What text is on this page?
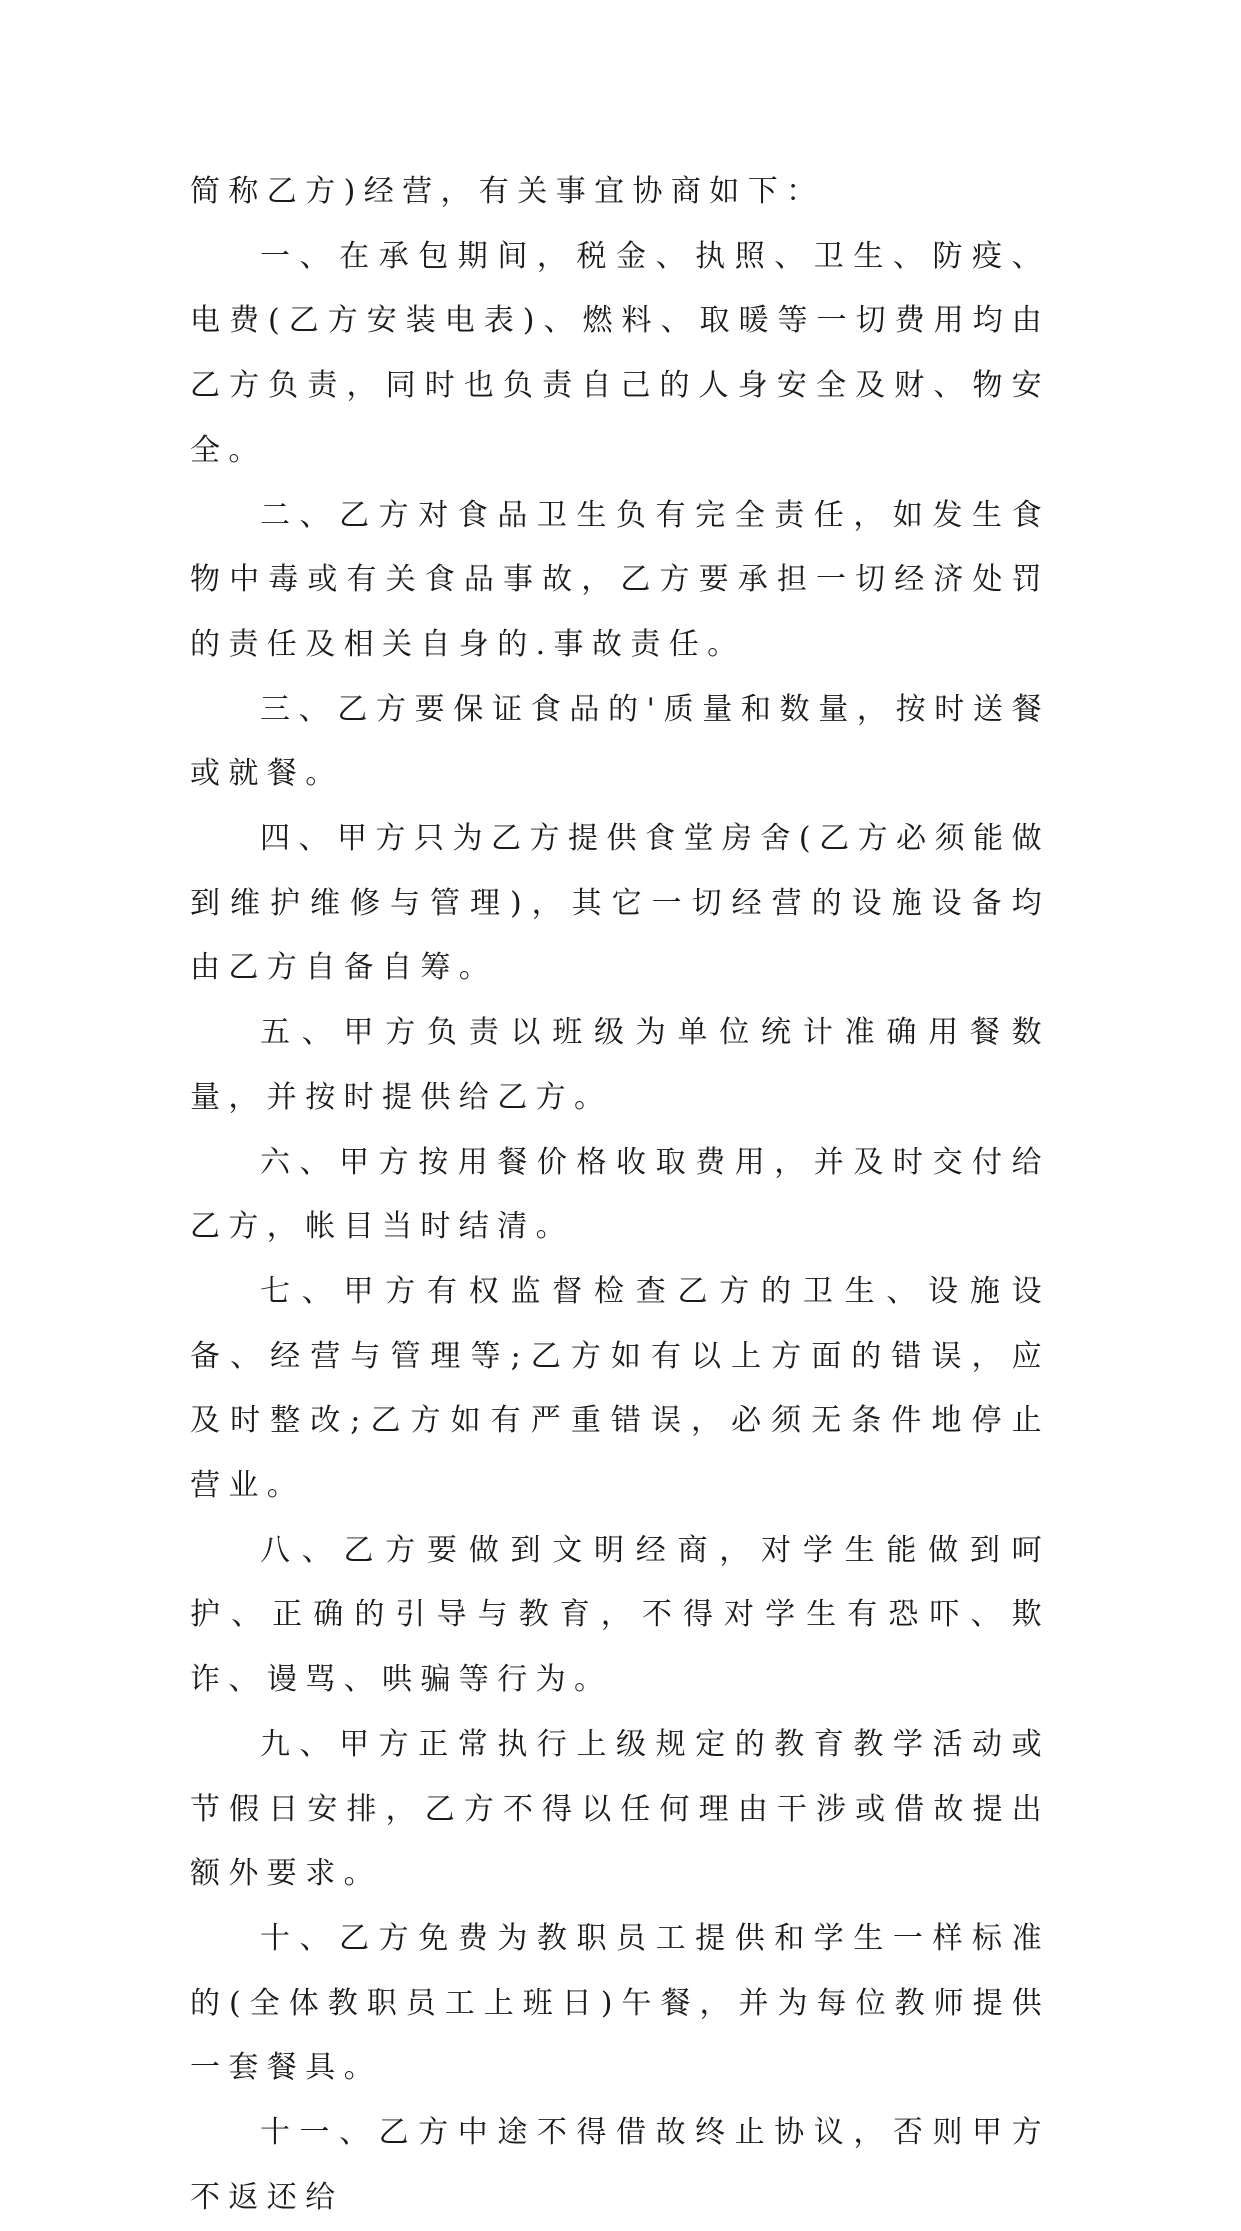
简称乙方)经营，有关事宜协商如下：

一、在承包期间，税金、执照、卫生、防疫、电费(乙方安装电表)、燃料、取暖等一切费用均由乙方负责，同时也负责自己的人身安全及财、物安全。

二、乙方对食品卫生负有完全责任，如发生食物中毒或有关食品事故，乙方要承担一切经济处罚的责任及相关自身的.事故责任。

三、乙方要保证食品的'质量和数量，按时送餐或就餐。

四、甲方只为乙方提供食堂房舍(乙方必须能做到维护维修与管理)，其它一切经营的设施设备均由乙方自备自筹。

五、甲方负责以班级为单位统计准确用餐数量，并按时提供给乙方。

六、甲方按用餐价格收取费用，并及时交付给乙方，帐目当时结清。

七、甲方有权监督检查乙方的卫生、设施设备、经营与管理等;乙方如有以上方面的错误，应及时整改;乙方如有严重错误，必须无条件地停止营业。

八、乙方要做到文明经商，对学生能做到呵护、正确的引导与教育，不得对学生有恐吓、欺诈、谩骂、哄骗等行为。

九、甲方正常执行上级规定的教育教学活动或节假日安排，乙方不得以任何理由干涉或借故提出额外要求。

十、乙方免费为教职员工提供和学生一样标准的(全体教职员工上班日)午餐，并为每位教师提供一套餐具。

十一、乙方中途不得借故终止协议，否则甲方不返还给
